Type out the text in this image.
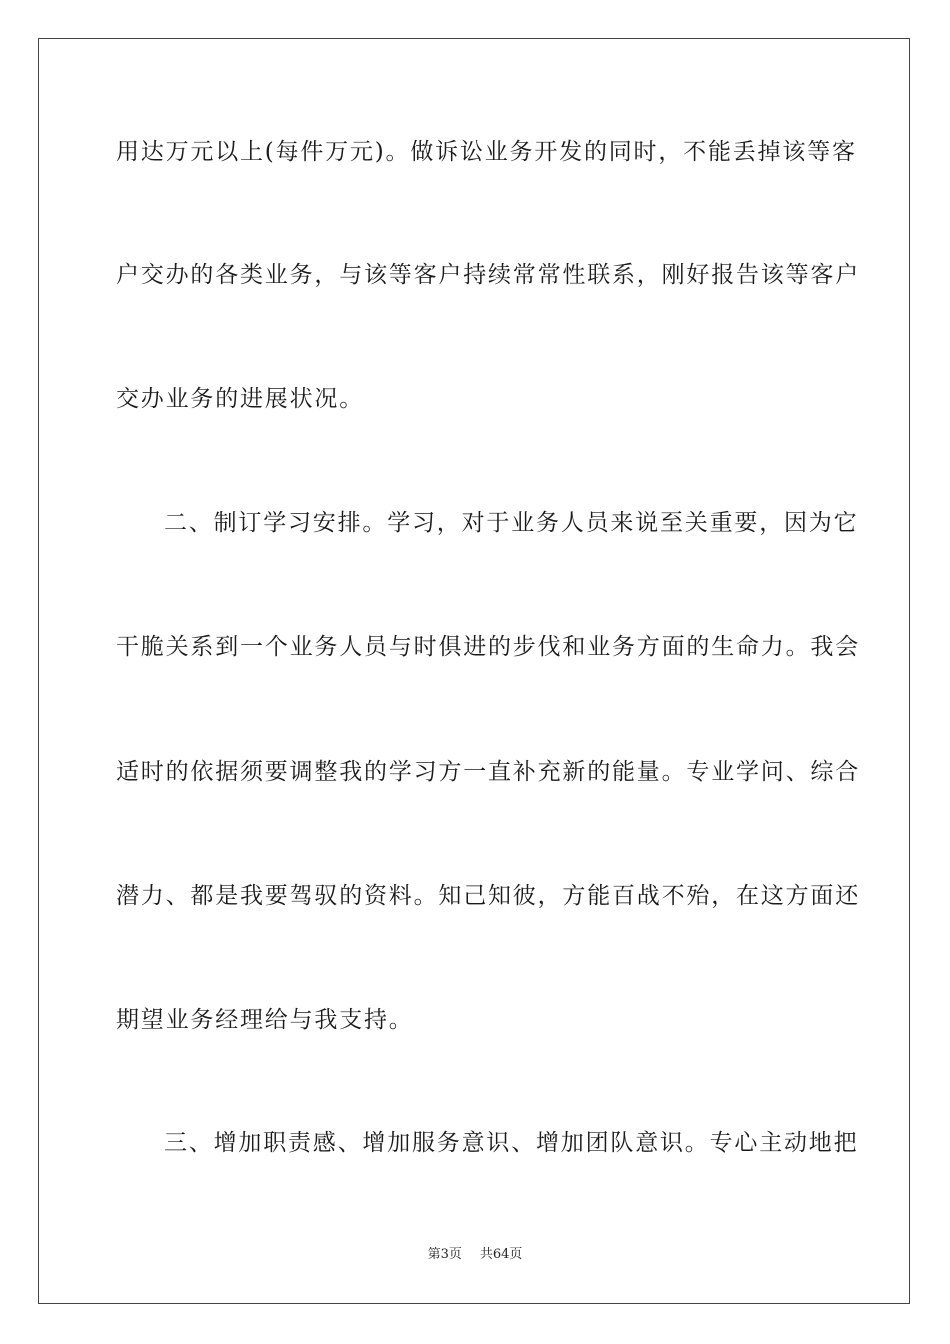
用达万元以上(每件万元)。做诉讼业务开发的同时，不能丢掉该等客
户交办的各类业务，与该等客户持续常常性联系，刚好报告该等客户
交办业务的进展状况。
二、制订学习安排。学习，对于业务人员来说至关重要，因为它
干脆关系到一个业务人员与时俱进的步伐和业务方面的生命力。我会
适时的依据须要调整我的学习方一直补充新的能量。专业学问、综合
潜力、都是我要驾驭的资料。知己知彼，方能百战不殆，在这方面还
期望业务经理给与我支持。
三、增加职责感、增加服务意识、增加团队意识。专心主动地把
第3页 共64页
